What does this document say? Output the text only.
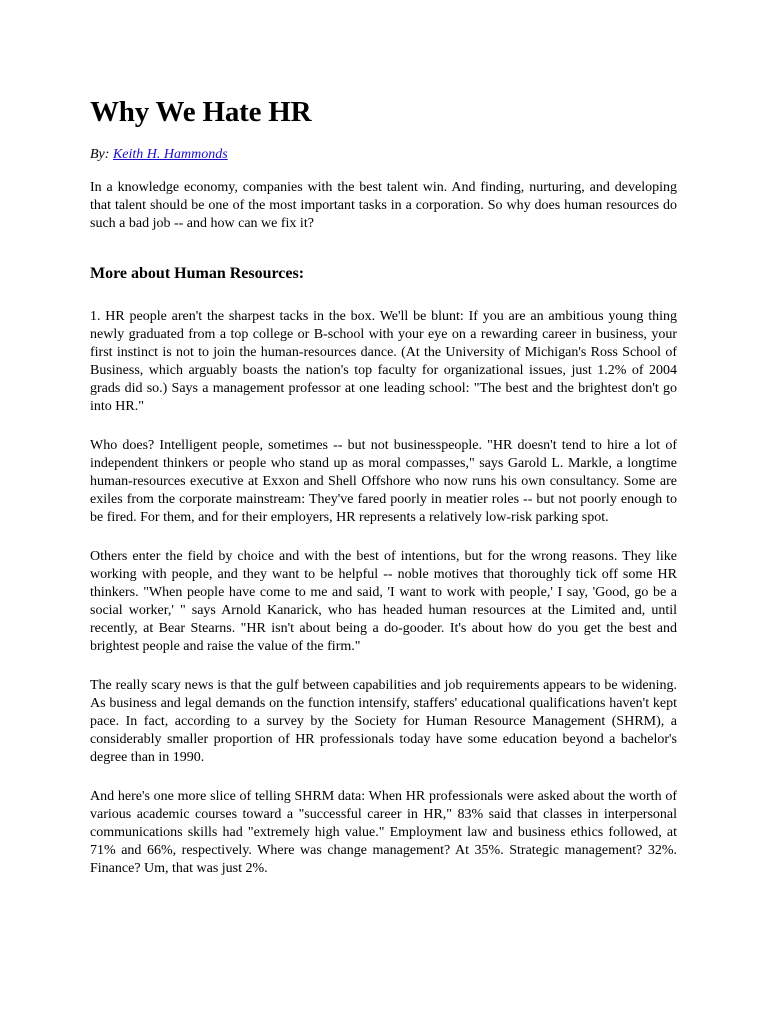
Why We Hate HR
By: Keith H. Hammonds

In a knowledge economy, companies with the best talent win. And finding, nurturing, and developing that talent should be one of the most important tasks in a corporation. So why does human resources do such a bad job -- and how can we fix it?

More about Human Resources:

1. HR people aren't the sharpest tacks in the box. We'll be blunt: If you are an ambitious young thing newly graduated from a top college or B-school with your eye on a rewarding career in business, your first instinct is not to join the human-resources dance. (At the University of Michigan's Ross School of Business, which arguably boasts the nation's top faculty for organizational issues, just 1.2% of 2004 grads did so.) Says a management professor at one leading school: "The best and the brightest don't go into HR."

Who does? Intelligent people, sometimes -- but not businesspeople. "HR doesn't tend to hire a lot of independent thinkers or people who stand up as moral compasses," says Garold L. Markle, a longtime human-resources executive at Exxon and Shell Offshore who now runs his own consultancy. Some are exiles from the corporate mainstream: They've fared poorly in meatier roles -- but not poorly enough to be fired. For them, and for their employers, HR represents a relatively low-risk parking spot.

Others enter the field by choice and with the best of intentions, but for the wrong reasons. They like working with people, and they want to be helpful -- noble motives that thoroughly tick off some HR thinkers. "When people have come to me and said, 'I want to work with people,' I say, 'Good, go be a social worker,' " says Arnold Kanarick, who has headed human resources at the Limited and, until recently, at Bear Stearns. "HR isn't about being a do-gooder. It's about how do you get the best and brightest people and raise the value of the firm."

The really scary news is that the gulf between capabilities and job requirements appears to be widening. As business and legal demands on the function intensify, staffers' educational qualifications haven't kept pace. In fact, according to a survey by the Society for Human Resource Management (SHRM), a considerably smaller proportion of HR professionals today have some education beyond a bachelor's degree than in 1990.

And here's one more slice of telling SHRM data: When HR professionals were asked about the worth of various academic courses toward a "successful career in HR," 83% said that classes in interpersonal communications skills had "extremely high value." Employment law and business ethics followed, at 71% and 66%, respectively. Where was change management? At 35%. Strategic management? 32%. Finance? Um, that was just 2%.
